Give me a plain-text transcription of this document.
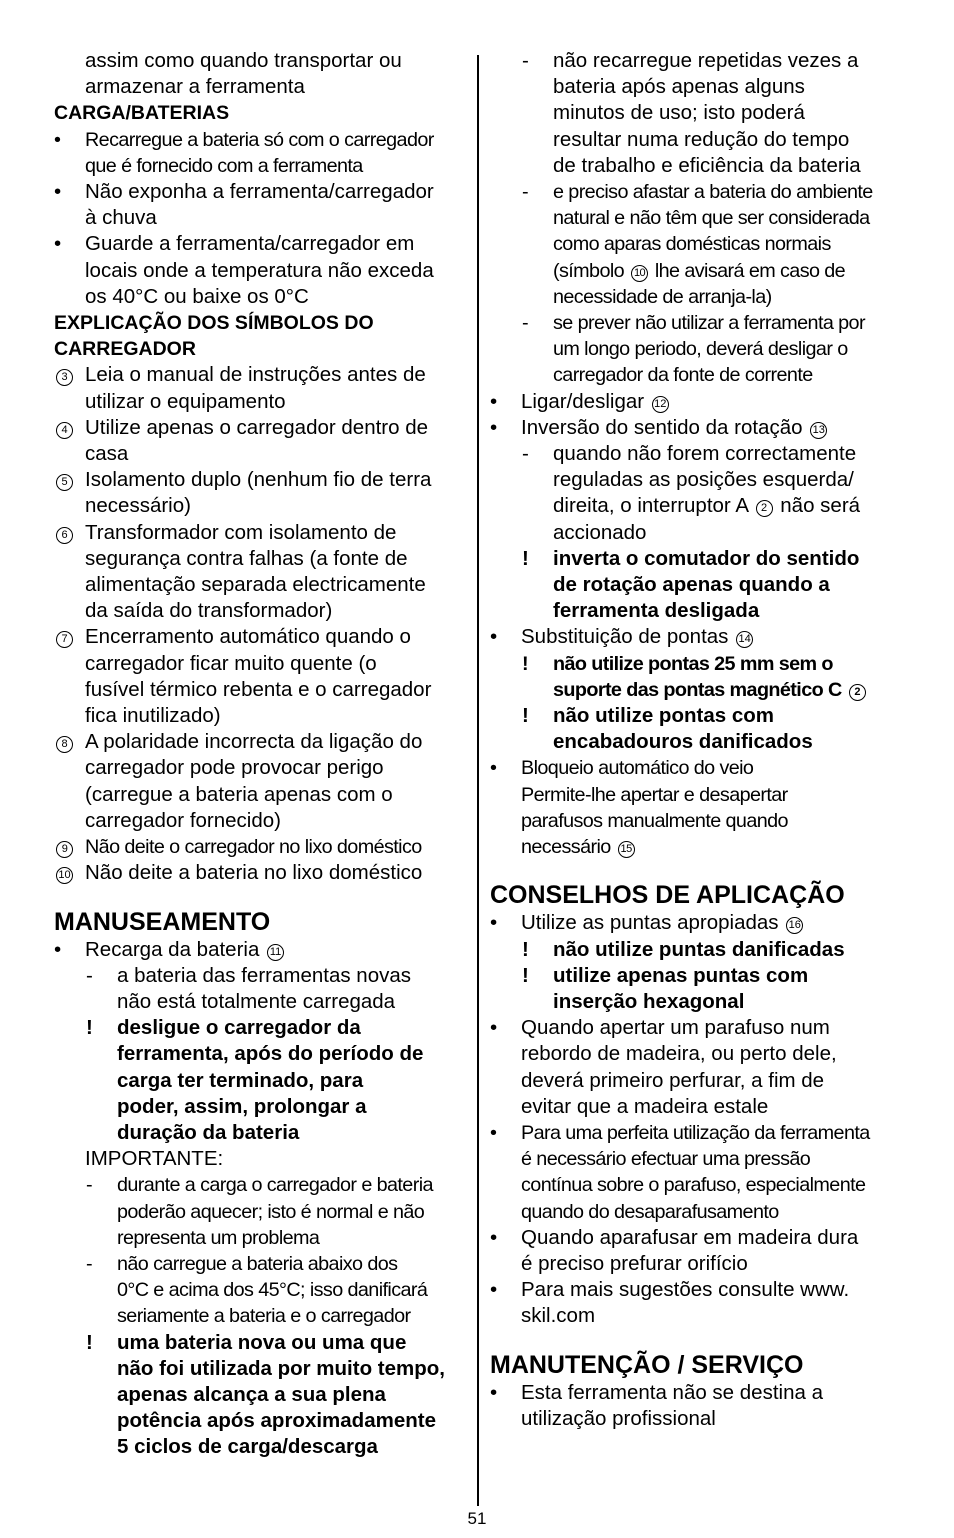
assim como quando transportar ou
armazenar a ferramenta
CARGA/BATERIAS
• Recarregue a bateria só com o carregador
que é fornecido com a ferramenta
• Não exponha a ferramenta/carregador
à chuva
• Guarde a ferramenta/carregador em
locais onde a temperatura não exceda
os 40°C ou baixe os 0°C
EXPLICAÇÃO DOS SÍMBOLOS DO
CARREGADOR
3 Leia o manual de instruções antes de
utilizar o equipamento
4 Utilize apenas o carregador dentro de
casa
5 Isolamento duplo (nenhum fio de terra
necessário)
6 Transformador com isolamento de
segurança contra falhas (a fonte de
alimentação separada electricamente
da saída do transformador)
7 Encerramento automático quando o
carregador ficar muito quente (o
fusível térmico rebenta e o carregador
fica inutilizado)
8 A polaridade incorrecta da ligação do
carregador pode provocar perigo
(carregue a bateria apenas com o
carregador fornecido)
9 Não deite o carregador no lixo doméstico
10 Não deite a bateria no lixo doméstico
MANUSEAMENTO
• Recarga da bateria 11
- a bateria das ferramentas novas
não está totalmente carregada
! desligue o carregador da
ferramenta, após do período de
carga ter terminado, para
poder, assim, prolongar a
duração da bateria
IMPORTANTE:
- durante a carga o carregador e bateria
poderão aquecer; isto é normal e não
representa um problema
- não carregue a bateria abaixo dos
0°C e acima dos 45°C; isso danificará
seriamente a bateria e o carregador
! uma bateria nova ou uma que
não foi utilizada por muito tempo,
apenas alcança a sua plena
potência após aproximadamente
5 ciclos de carga/descarga
- não recarregue repetidas vezes a
bateria após apenas alguns
minutos de uso; isto poderá
resultar numa redução do tempo
de trabalho e eficiência da bateria
- e preciso afastar a bateria do ambiente
natural e não têm que ser considerada
como aparas domésticas normais
(símbolo 10 lhe avisará em caso de
necessidade de arranja-la)
- se prever não utilizar a ferramenta por
um longo periodo, deverá desligar o
carregador da fonte de corrente
• Ligar/desligar 12
• Inversão do sentido da rotação 13
- quando não forem correctamente
reguladas as posições esquerda/
direita, o interruptor A 2 não será
accionado
! inverta o comutador do sentido
de rotação apenas quando a
ferramenta desligada
• Substituição de pontas 14
! não utilize pontas 25 mm sem o
suporte das pontas magnético C 2
! não utilize pontas com
encabadouros danificados
• Bloqueio automático do veio
Permite-lhe apertar e desapertar
parafusos manualmente quando
necessário 15
CONSELHOS DE APLICAÇÃO
• Utilize as puntas apropiadas 16
! não utilize puntas danificadas
! utilize apenas puntas com
inserção hexagonal
• Quando apertar um parafuso num
rebordo de madeira, ou perto dele,
deverá primeiro perfurar, a fim de
evitar que a madeira estale
• Para uma perfeita utilização da ferramenta
é necessário efectuar uma pressão
contínua sobre o parafuso, especialmente
quando do desaparafusamento
• Quando aparafusar em madeira dura
é preciso prefurar orifício
• Para mais sugestões consulte www.
skil.com
MANUTENÇÃO / SERVIÇO
• Esta ferramenta não se destina a
utilização profissional
51
